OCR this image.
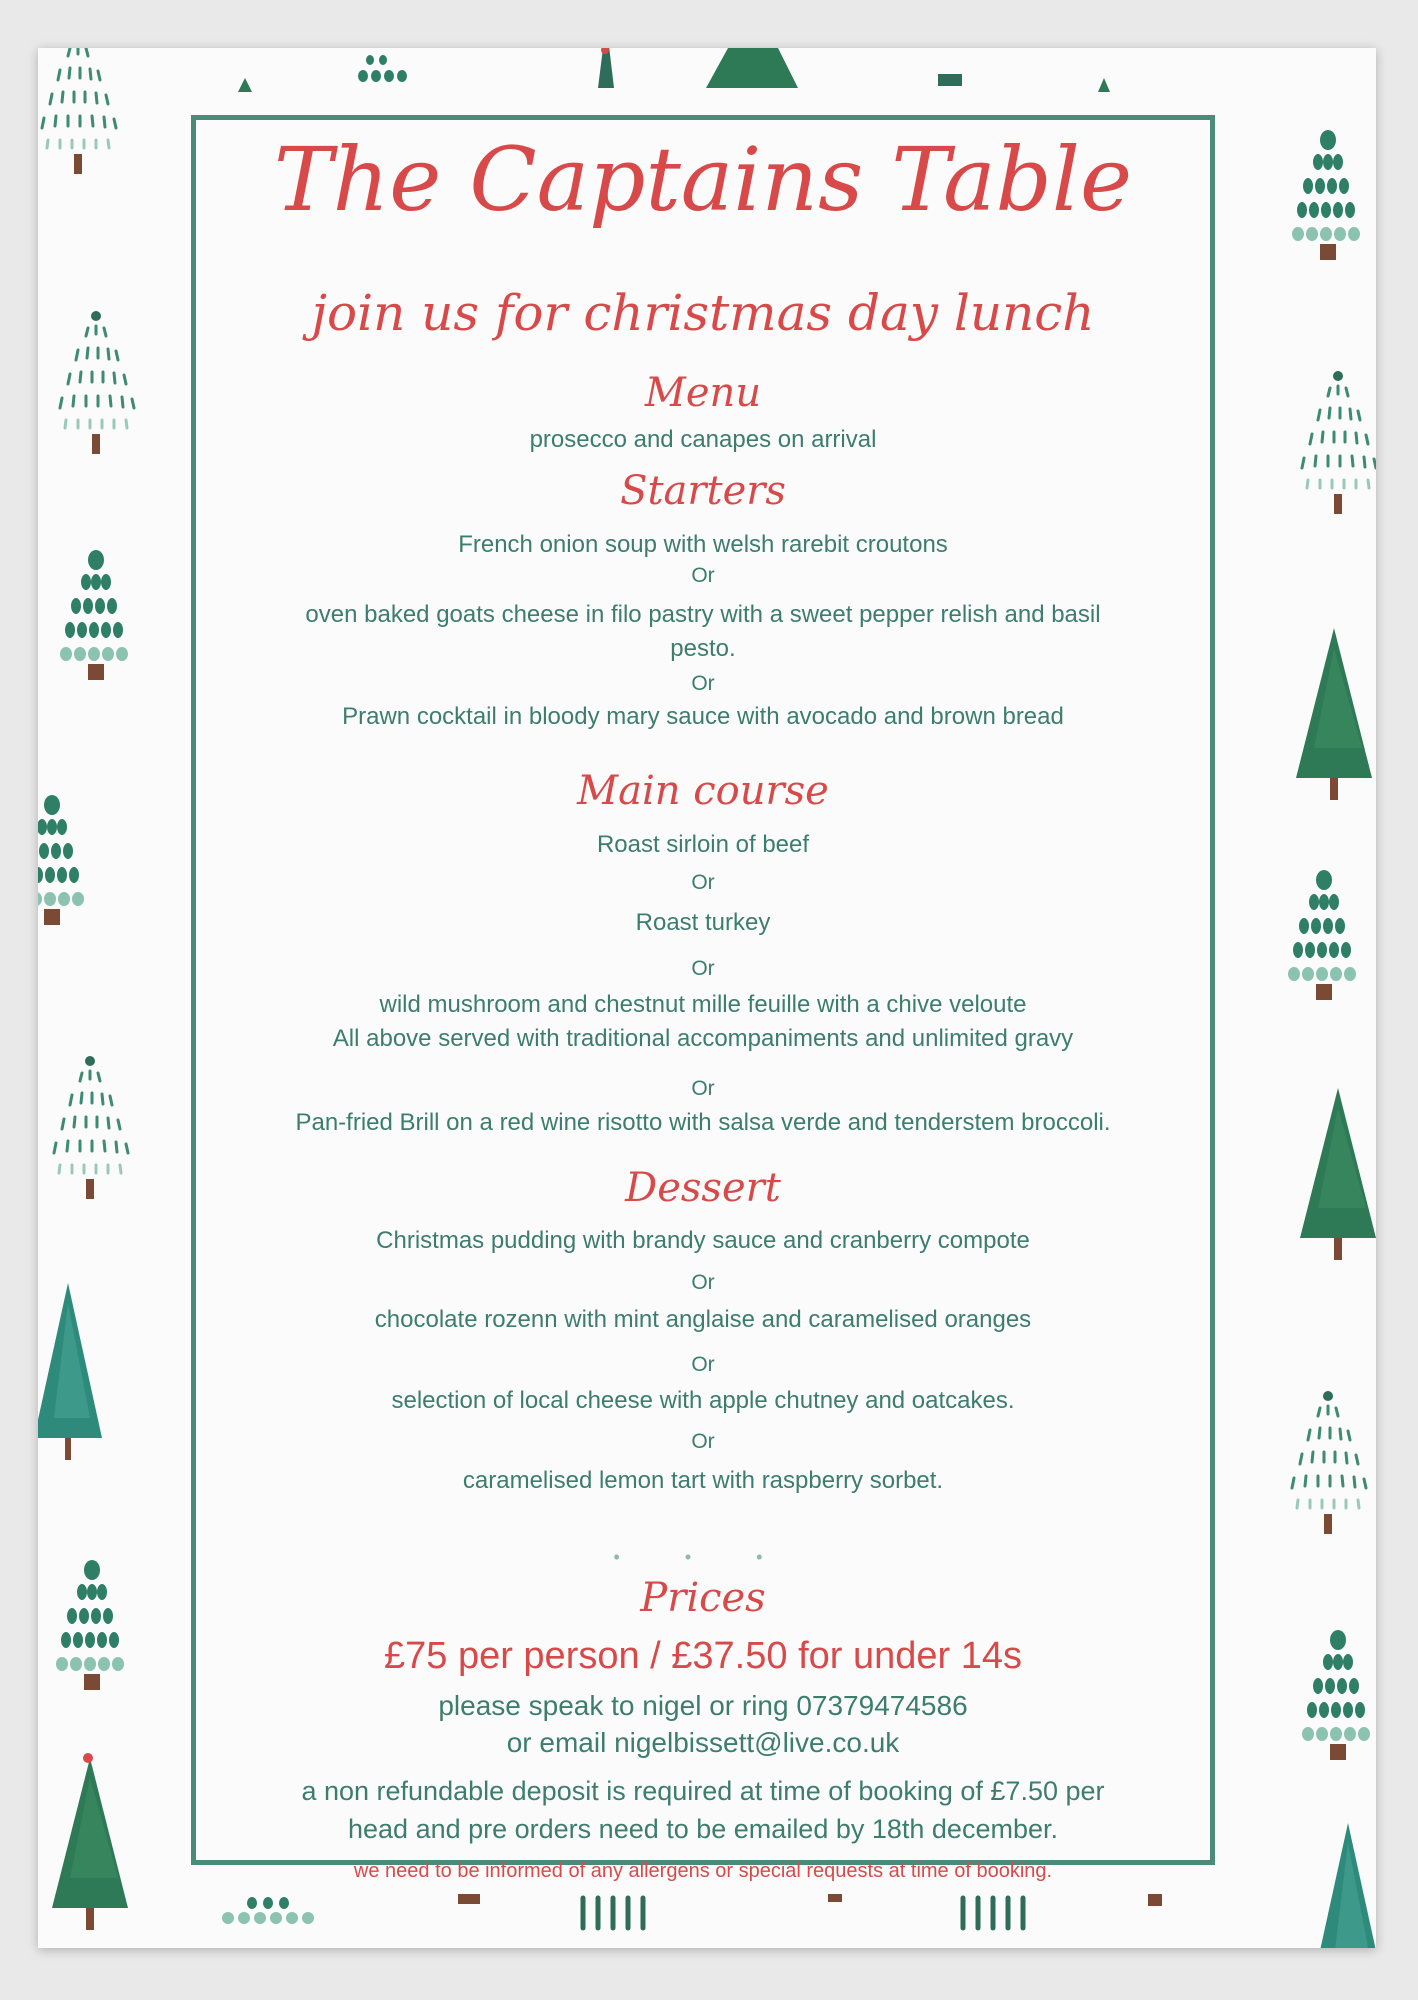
The Captains Table
join us for christmas day lunch
Menu
prosecco and canapes on arrival
Starters
French onion soup with welsh rarebit croutons
Or
oven baked goats cheese in filo pastry with a sweet pepper relish and basil
pesto.
Or
Prawn cocktail in bloody mary sauce with avocado and brown bread
Main course
Roast sirloin of beef
Or
Roast turkey
Or
wild mushroom and chestnut mille feuille with a chive veloute
All above served with traditional accompaniments and unlimited gravy
Or
Pan-fried Brill on a red wine risotto with salsa verde and tenderstem broccoli.
Dessert
Christmas pudding with brandy sauce and cranberry compote
Or
chocolate rozenn with mint anglaise and caramelised oranges
Or
selection of local cheese with apple chutney and oatcakes.
Or
caramelised lemon tart with raspberry sorbet.
• • •
Prices
£75 per person / £37.50 for under 14s
please speak to nigel or ring 07379474586
or email nigelbissett@live.co.uk
a non refundable deposit is required at time of booking of £7.50 per
head and pre orders need to be emailed by 18th december.
we need to be informed of any allergens or special requests at time of booking.
